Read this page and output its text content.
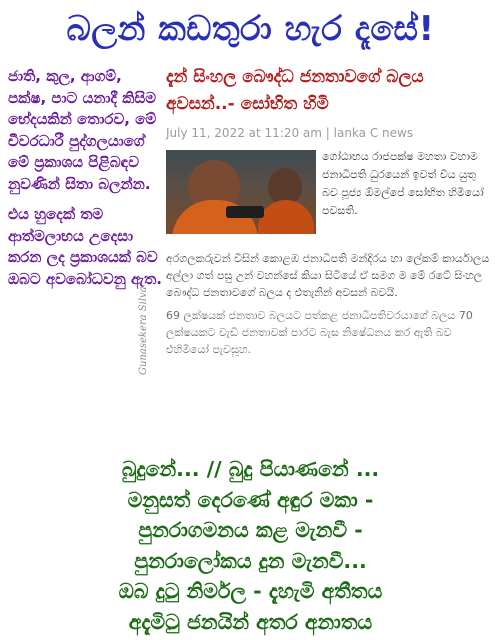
බලන් කඩතුරා හැර දෑසේ!

ජාති, කුල, ආගම්, පක්ෂ, පාට යනාදී කිසිම භේදයකින් තොරව, මේ චීවරධාරී පුද්ගලයාගේ මේ ප්‍රකාශය පිළිබඳව නුවණින් සිතා බලන්න.

එය හුදෙක් තම ආත්මලාභය උදෙසා කරන ලද ප්‍රකාශයක් බව ඔබට අවබෝධවනු ඇත.

Gunasekera Silva
දැන් සිංහල බෞද්ධ ජනතාවගේ බලය අවසන්..- සෝභිත හිමි
July 11, 2022 at 11:20 am | lanka C news
ගෝඨාභය රාජපක්ෂ මහතා වහාම ජනාධිපති ධුරයෙන් ඉවත් විය යුතු බව පූජ්‍ය ඕමල්පේ සෝභිත හිමියෝ පවසති.
අරගලකරුවන් විසින් කොළඹ ජනාධිපති මන්දිරය හා ලේකම් කාර්යාලය අල්ලා ගත් පසු උන් වහන්සේ කියා සිටියේ ඒ සමග ම මේ රටේ සිංහල බෞද්ධ ජනතාවගේ බලය ද එතැනින් අවසන් බවයි.
69 ලක්ෂයක් ජනතාව බලයට පත්කළ ජනාධිපතිවරයාගේ බලය 70 ලක්ෂයකට වැඩි ජනතාවක් පාරට බැස නිෂේධනය කර ඇති බව එහිමියෝ පැවසූහ.
බුදුනේ... // බුදු පියාණනේ ...
මනුසත් දෙරණේ අඳුර මකා -
පුනරාගමනය කළ මැනවී -
පුනරාලෝකය දුන මැනවී...
ඔබ දුටු නිර්මල - දැහැමි අතීතය
අදැමිටු ජනයින් අතර අනාතය
